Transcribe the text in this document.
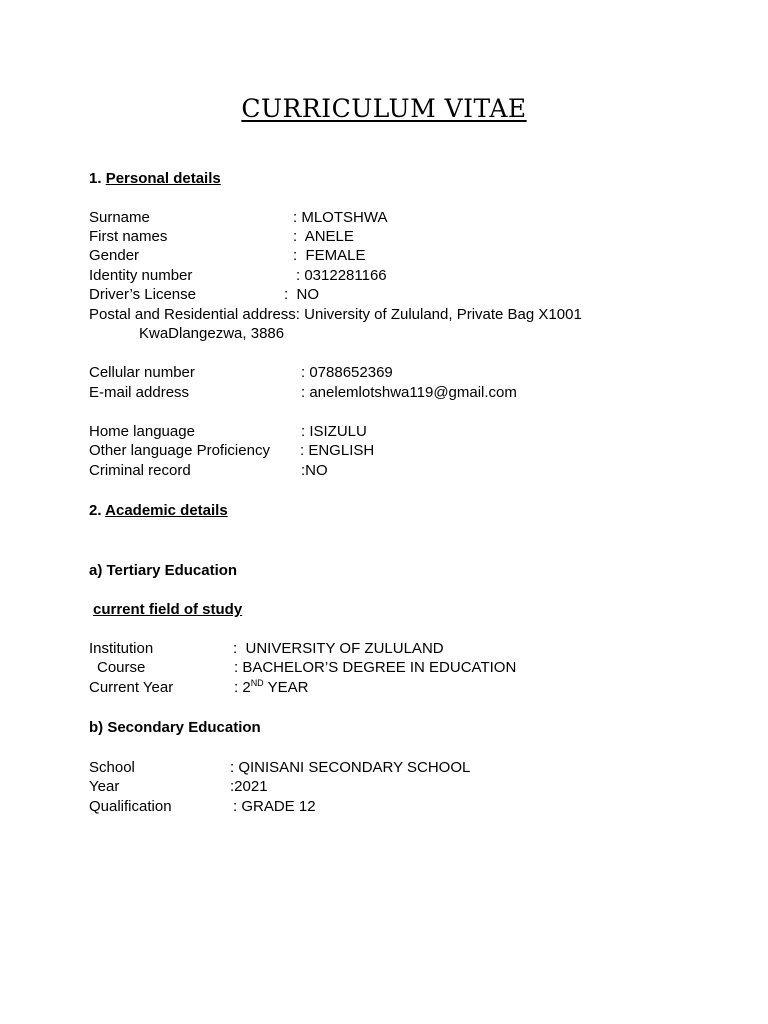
CURRICULUM VITAE
1. Personal details
Surname	: MLOTSHWA
First names	: ANELE
Gender	: FEMALE
Identity number	: 0312281166
Driver’s License	: NO
Postal and Residential address: University of Zululand, Private Bag X1001
KwaDlangezwa, 3886
Cellular number	: 0788652369
E-mail address	: anelemlotshwa119@gmail.com
Home language	: ISIZULU
Other language Proficiency : ENGLISH
Criminal record	:NO
2. Academic details
a) Tertiary Education
current field of study
Institution	: UNIVERSITY OF ZULULAND
Course	: BACHELOR’S DEGREE IN EDUCATION
Current Year	: 2ND YEAR
b) Secondary Education
School	: QINISANI SECONDARY SCHOOL
Year	:2021
Qualification	: GRADE 12
